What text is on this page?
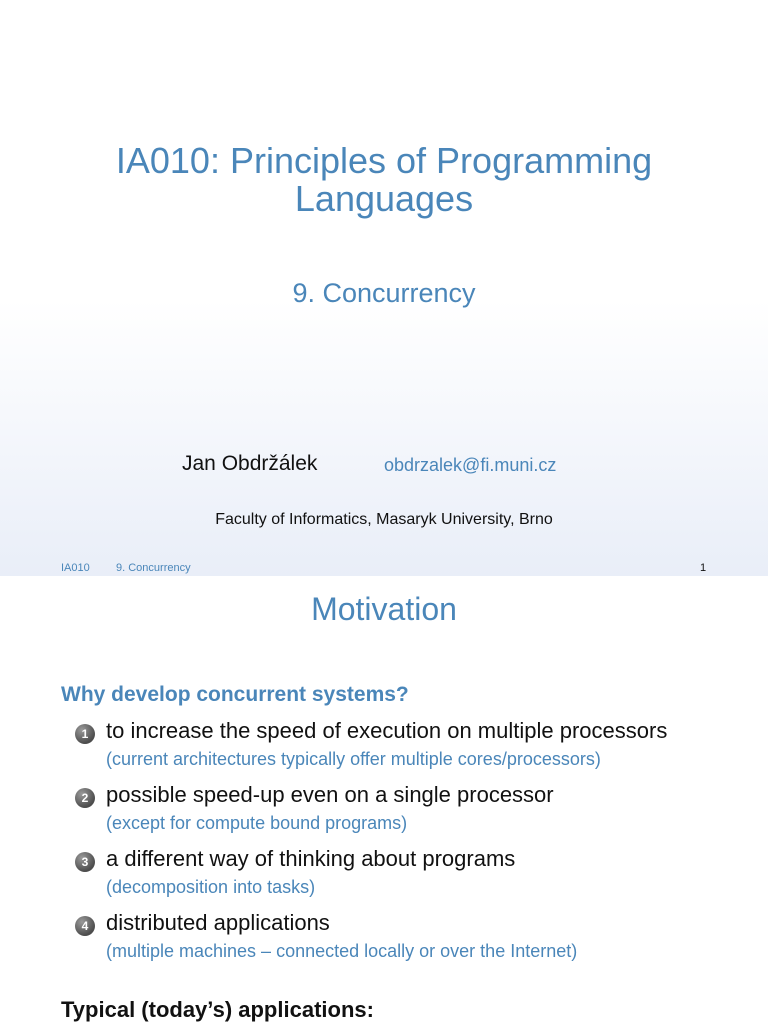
IA010: Principles of Programming Languages
9. Concurrency
Jan Obdržálek	obdrzalek@fi.muni.cz
Faculty of Informatics, Masaryk University, Brno
IA010 9. Concurrency	1
Motivation
Why develop concurrent systems?
1 to increase the speed of execution on multiple processors
(current architectures typically offer multiple cores/processors)
2 possible speed-up even on a single processor
(except for compute bound programs)
3 a different way of thinking about programs
(decomposition into tasks)
4 distributed applications
(multiple machines – connected locally or over the Internet)
Typical (today’s) applications:
